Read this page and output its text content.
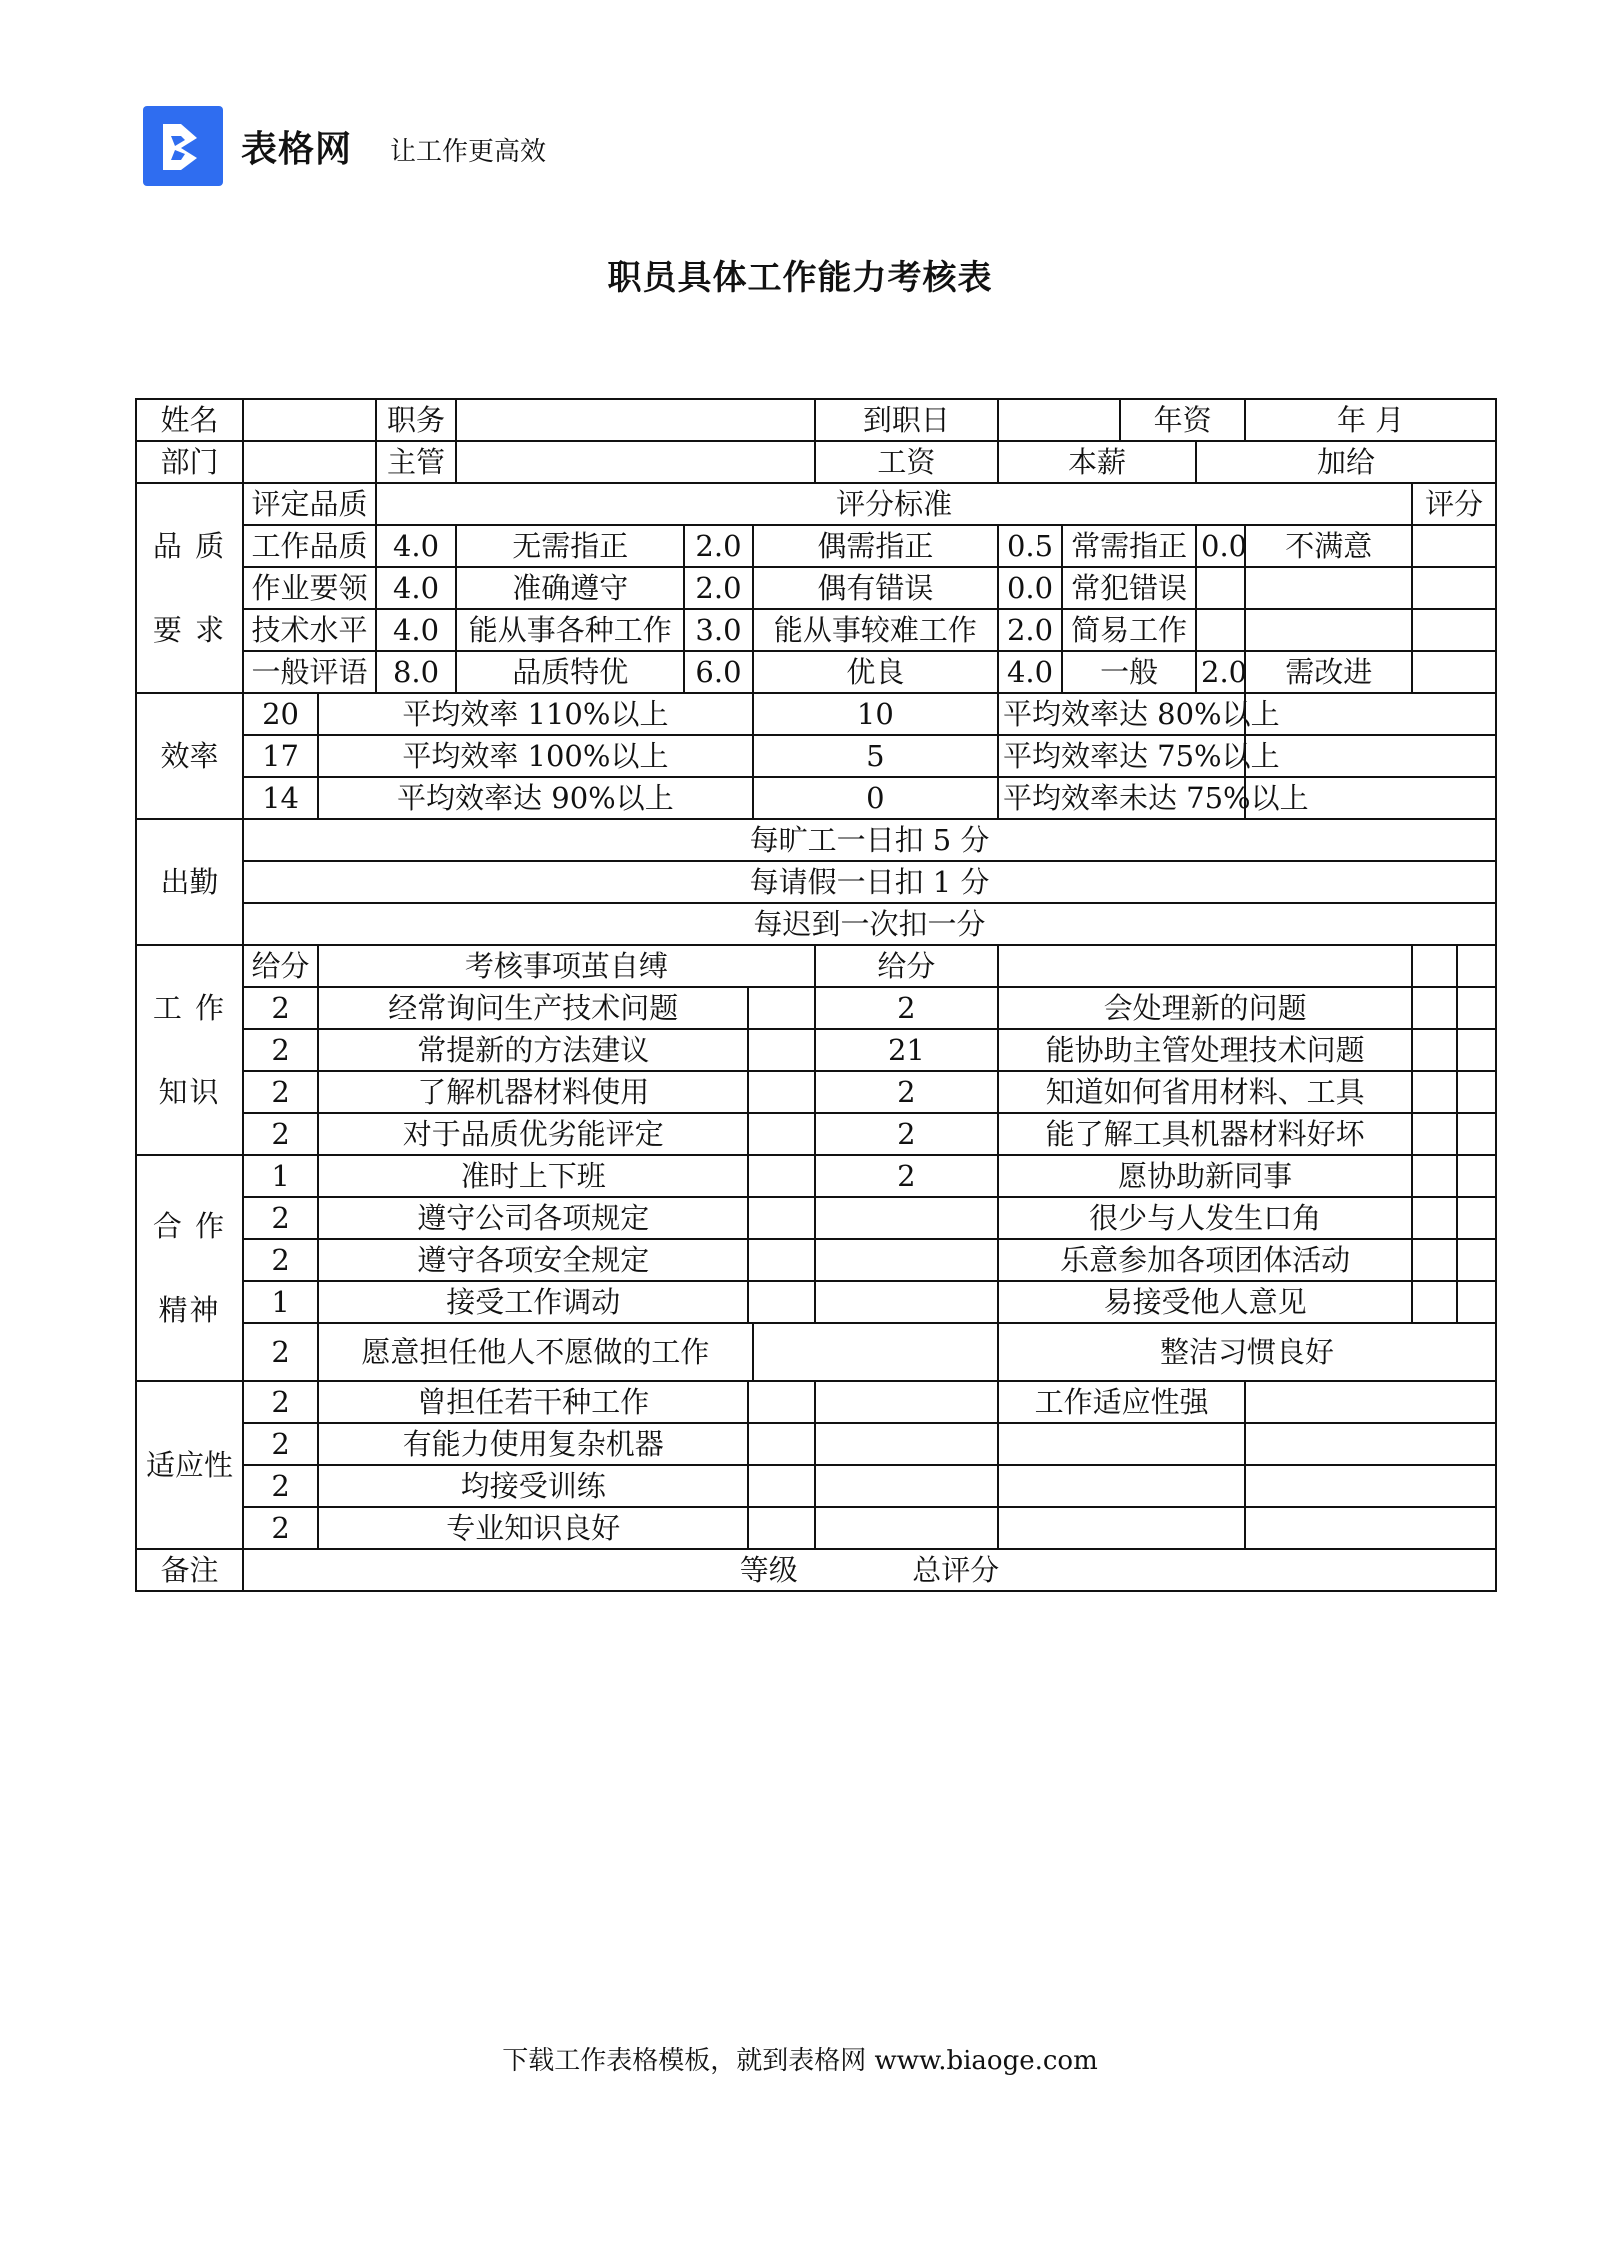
表格网 让工作更高效
职员具体工作能力考核表
姓名			职务					到职日			年资		年 月		
部门			主管					工资	本薪			加给			
品 质

要 求	评定品质		评分标准											评分	
	工作品质		4.0	无需指正	2.0		偶需指正		0.5	常需指正		0.0	不满意		
	作业要领		4.0	准确遵守	2.0		偶有错误		0.0	常犯错误					
	技术水平		4.0	能从事各种工作	3.0		能从事较难工作		2.0	简易工作					
	一般评语		8.0	品质特优	6.0		优良		4.0	一般		2.0	需改进		
效率	20	平均效率 110%以上					10		平均效率达 80%以上						
	17	平均效率 100%以上					5		平均效率达 75%以上						
	14	平均效率达 90%以上					0		平均效率未达 75%以上						
出勤	每旷工一日扣 5 分														
	每请假一日扣 1 分														
	每迟到一次扣一分														
工 作

知识	给分	考核事项茧自缚						给分							
	2	经常询问生产技术问题						2	会处理新的问题						
	2	常提新的方法建议						21	能协助主管处理技术问题						
	2	了解机器材料使用						2	知道如何省用材料、工具						
	2	对于品质优劣能评定						2	能了解工具机器材料好坏						
合 作

精神	1	准时上下班						2	愿协助新同事						
	2	遵守公司各项规定							很少与人发生口角						
	2	遵守各项安全规定							乐意参加各项团体活动						
	1	接受工作调动							易接受他人意见						
	2	愿意担任他人不愿做的工作							整洁习惯良好						
适应性	2	曾担任若干种工作							工作适应性强						
	2	有能力使用复杂机器													
	2	均接受训练													
	2	专业知识良好													
备注	等级 总评分														
下载工作表格模板，就到表格网 www.biaoge.com
